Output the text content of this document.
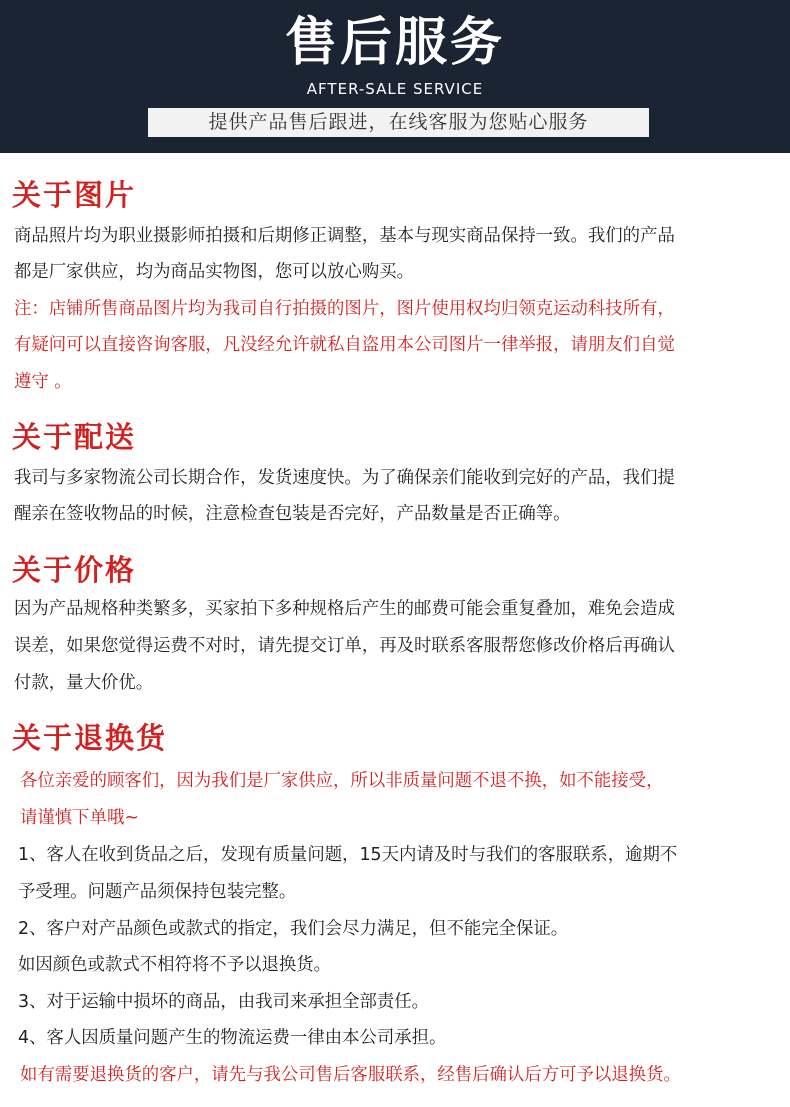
售后服务
AFTER-SALE SERVICE
提供产品售后跟进，在线客服为您贴心服务
关于图片
商品照片均为职业摄影师拍摄和后期修正调整，基本与现实商品保持一致。我们的产品
都是厂家供应，均为商品实物图，您可以放心购买。
注：店铺所售商品图片均为我司自行拍摄的图片，图片使用权均归领克运动科技所有，
有疑问可以直接咨询客服，凡没经允许就私自盗用本公司图片一律举报，请朋友们自觉
遵守 。
关于配送
我司与多家物流公司长期合作，发货速度快。为了确保亲们能收到完好的产品，我们提
醒亲在签收物品的时候，注意检查包装是否完好，产品数量是否正确等。
关于价格
因为产品规格种类繁多，买家拍下多种规格后产生的邮费可能会重复叠加，难免会造成
误差，如果您觉得运费不对时，请先提交订单，再及时联系客服帮您修改价格后再确认
付款，量大价优。
关于退换货
各位亲爱的顾客们，因为我们是厂家供应，所以非质量问题不退不换，如不能接受，
请谨慎下单哦~
1、客人在收到货品之后，发现有质量问题，15天内请及时与我们的客服联系，逾期不
予受理。问题产品须保持包装完整。
2、客户对产品颜色或款式的指定，我们会尽力满足，但不能完全保证。
如因颜色或款式不相符将不予以退换货。
3、对于运输中损坏的商品，由我司来承担全部责任。
4、客人因质量问题产生的物流运费一律由本公司承担。
如有需要退换货的客户，请先与我公司售后客服联系，经售后确认后方可予以退换货。
